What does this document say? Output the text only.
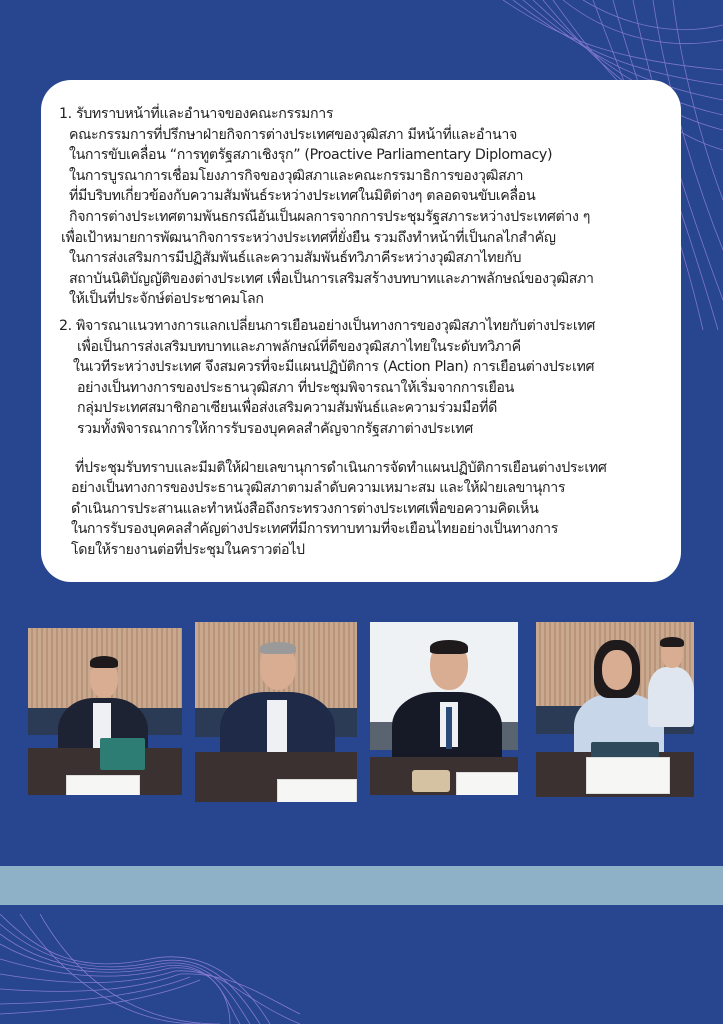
1. รับทราบหน้าที่และอำนาจของคณะกรรมการ
คณะกรรมการที่ปรึกษาฝ่ายกิจการต่างประเทศของวุฒิสภา มีหน้าที่และอำนาจ
ในการขับเคลื่อน “การทูตรัฐสภาเชิงรุก” (Proactive Parliamentary Diplomacy)
ในการบูรณาการเชื่อมโยงภารกิจของวุฒิสภาและคณะกรรมาธิการของวุฒิสภา
ที่มีบริบทเกี่ยวข้องกับความสัมพันธ์ระหว่างประเทศในมิติต่างๆ ตลอดจนขับเคลื่อน
กิจการต่างประเทศตามพันธกรณีอันเป็นผลการจากการประชุมรัฐสภาระหว่างประเทศต่าง ๆ
เพื่อเป้าหมายการพัฒนากิจการระหว่างประเทศที่ยั่งยืน รวมถึงทำหน้าที่เป็นกลไกสำคัญ
ในการส่งเสริมการมีปฏิสัมพันธ์และความสัมพันธ์ทวิภาคีระหว่างวุฒิสภาไทยกับ
สถาบันนิติบัญญัติของต่างประเทศ เพื่อเป็นการเสริมสร้างบทบาทและภาพลักษณ์ของวุฒิสภา
ให้เป็นที่ประจักษ์ต่อประชาคมโลก
2. พิจารณาแนวทางการแลกเปลี่ยนการเยือนอย่างเป็นทางการของวุฒิสภาไทยกับต่างประเทศ
เพื่อเป็นการส่งเสริมบทบาทและภาพลักษณ์ที่ดีของวุฒิสภาไทยในระดับทวิภาคี
ในเวทีระหว่างประเทศ จึงสมควรที่จะมีแผนปฏิบัติการ (Action Plan) การเยือนต่างประเทศ
อย่างเป็นทางการของประธานวุฒิสภา ที่ประชุมพิจารณาให้เริ่มจากการเยือน
กลุ่มประเทศสมาชิกอาเซียนเพื่อส่งเสริมความสัมพันธ์และความร่วมมือที่ดี
รวมทั้งพิจารณาการให้การรับรองบุคคลสำคัญจากรัฐสภาต่างประเทศ
ที่ประชุมรับทราบและมีมติให้ฝ่ายเลขานุการดำเนินการจัดทำแผนปฏิบัติการเยือนต่างประเทศ
อย่างเป็นทางการของประธานวุฒิสภาตามลำดับความเหมาะสม และให้ฝ่ายเลขานุการ
ดำเนินการประสานและทำหนังสือถึงกระทรวงการต่างประเทศเพื่อขอความคิดเห็น
ในการรับรองบุคคลสำคัญต่างประเทศที่มีการทาบทามที่จะเยือนไทยอย่างเป็นทางการ
โดยให้รายงานต่อที่ประชุมในคราวต่อไป
